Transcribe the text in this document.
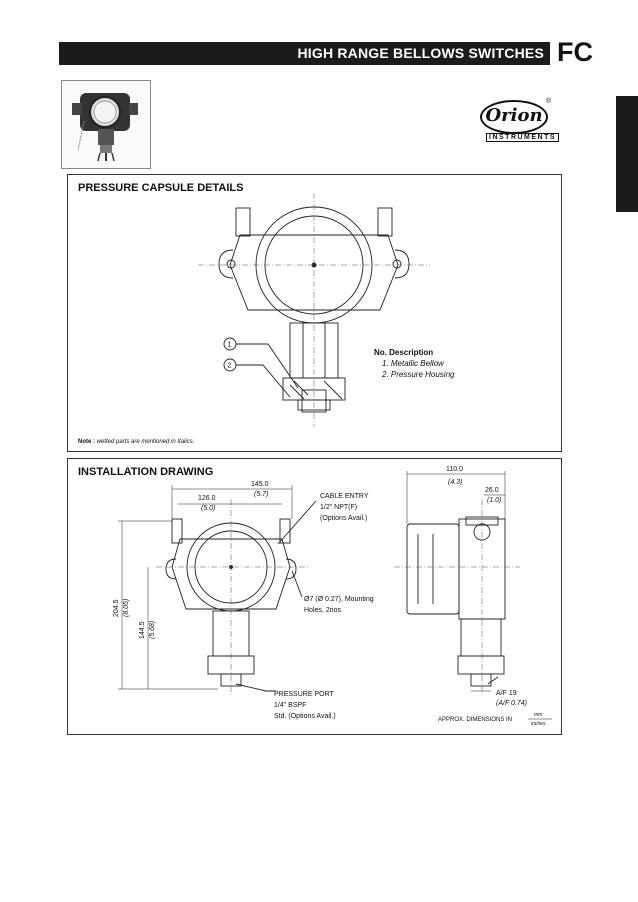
HIGH RANGE BELLOWS SWITCHES FC
Orion
®
INSTRUMENTS
PRESSURE CAPSULE DETAILS
1
2
No. Description
1. Metallic Bellow
2. Pressure Housing
Note : wetted parts are mentioned in Italics.
INSTALLATION DRAWING
145.0
(5.7)
126.0
(5.0)
204.5 (8.05)
144.5 (5.68)
CABLE ENTRY
1/2" NPT(F)
(Options Avail.)
Ø7 (Ø 0.27), Mounting
Holes, 2nos
PRESSURE PORT
1/4" BSPF
Std. (Options Avail.)
110.0
(4.3)
26.0
(1.0)
A/F 19
(A/F 0.74)
APPROX. DIMENSIONS IN
mm
inches
